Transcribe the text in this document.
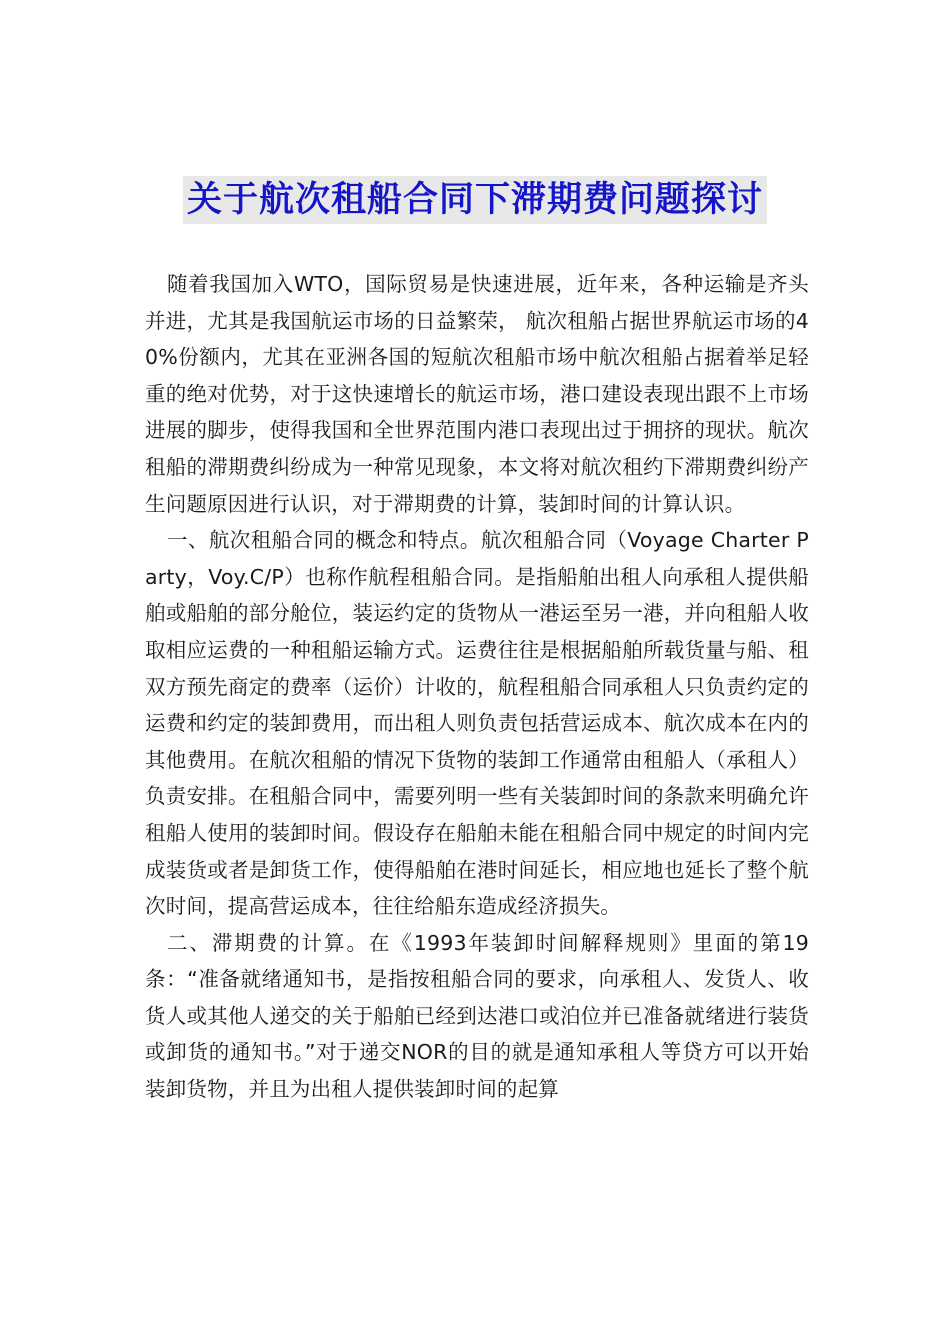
关于航次租船合同下滞期费问题探讨

随着我国加入WTO，国际贸易是快速进展，近年来，各种运输是齐头并进，尤其是我国航运市场的日益繁荣， 航次租船占据世界航运市场的40%份额内，尤其在亚洲各国的短航次租船市场中航次租船占据着举足轻重的绝对优势，对于这快速增长的航运市场，港口建设表现出跟不上市场进展的脚步，使得我国和全世界范围内港口表现出过于拥挤的现状。航次租船的滞期费纠纷成为一种常见现象，本文将对航次租约下滞期费纠纷产生问题原因进行认识，对于滞期费的计算，装卸时间的计算认识。

一、航次租船合同的概念和特点。航次租船合同（Voyage Charter Party，Voy.C/P）也称作航程租船合同。是指船舶出租人向承租人提供船舶或船舶的部分舱位，装运约定的货物从一港运至另一港，并向租船人收取相应运费的一种租船运输方式。运费往往是根据船舶所载货量与船、租双方预先商定的费率（运价）计收的，航程租船合同承租人只负责约定的运费和约定的装卸费用，而出租人则负责包括营运成本、航次成本在内的其他费用。在航次租船的情况下货物的装卸工作通常由租船人（承租人）负责安排。在租船合同中，需要列明一些有关装卸时间的条款来明确允许租船人使用的装卸时间。假设存在船舶未能在租船合同中规定的时间内完成装货或者是卸货工作，使得船舶在港时间延长，相应地也延长了整个航次时间，提高营运成本，往往给船东造成经济损失。

二、滞期费的计算。在《1993年装卸时间解释规则》里面的第19条：“准备就绪通知书，是指按租船合同的要求，向承租人、发货人、收货人或其他人递交的关于船舶已经到达港口或泊位并已准备就绪进行装货或卸货的通知书。”对于递交NOR的目的就是通知承租人等贷方可以开始装卸货物，并且为出租人提供装卸时间的起算
